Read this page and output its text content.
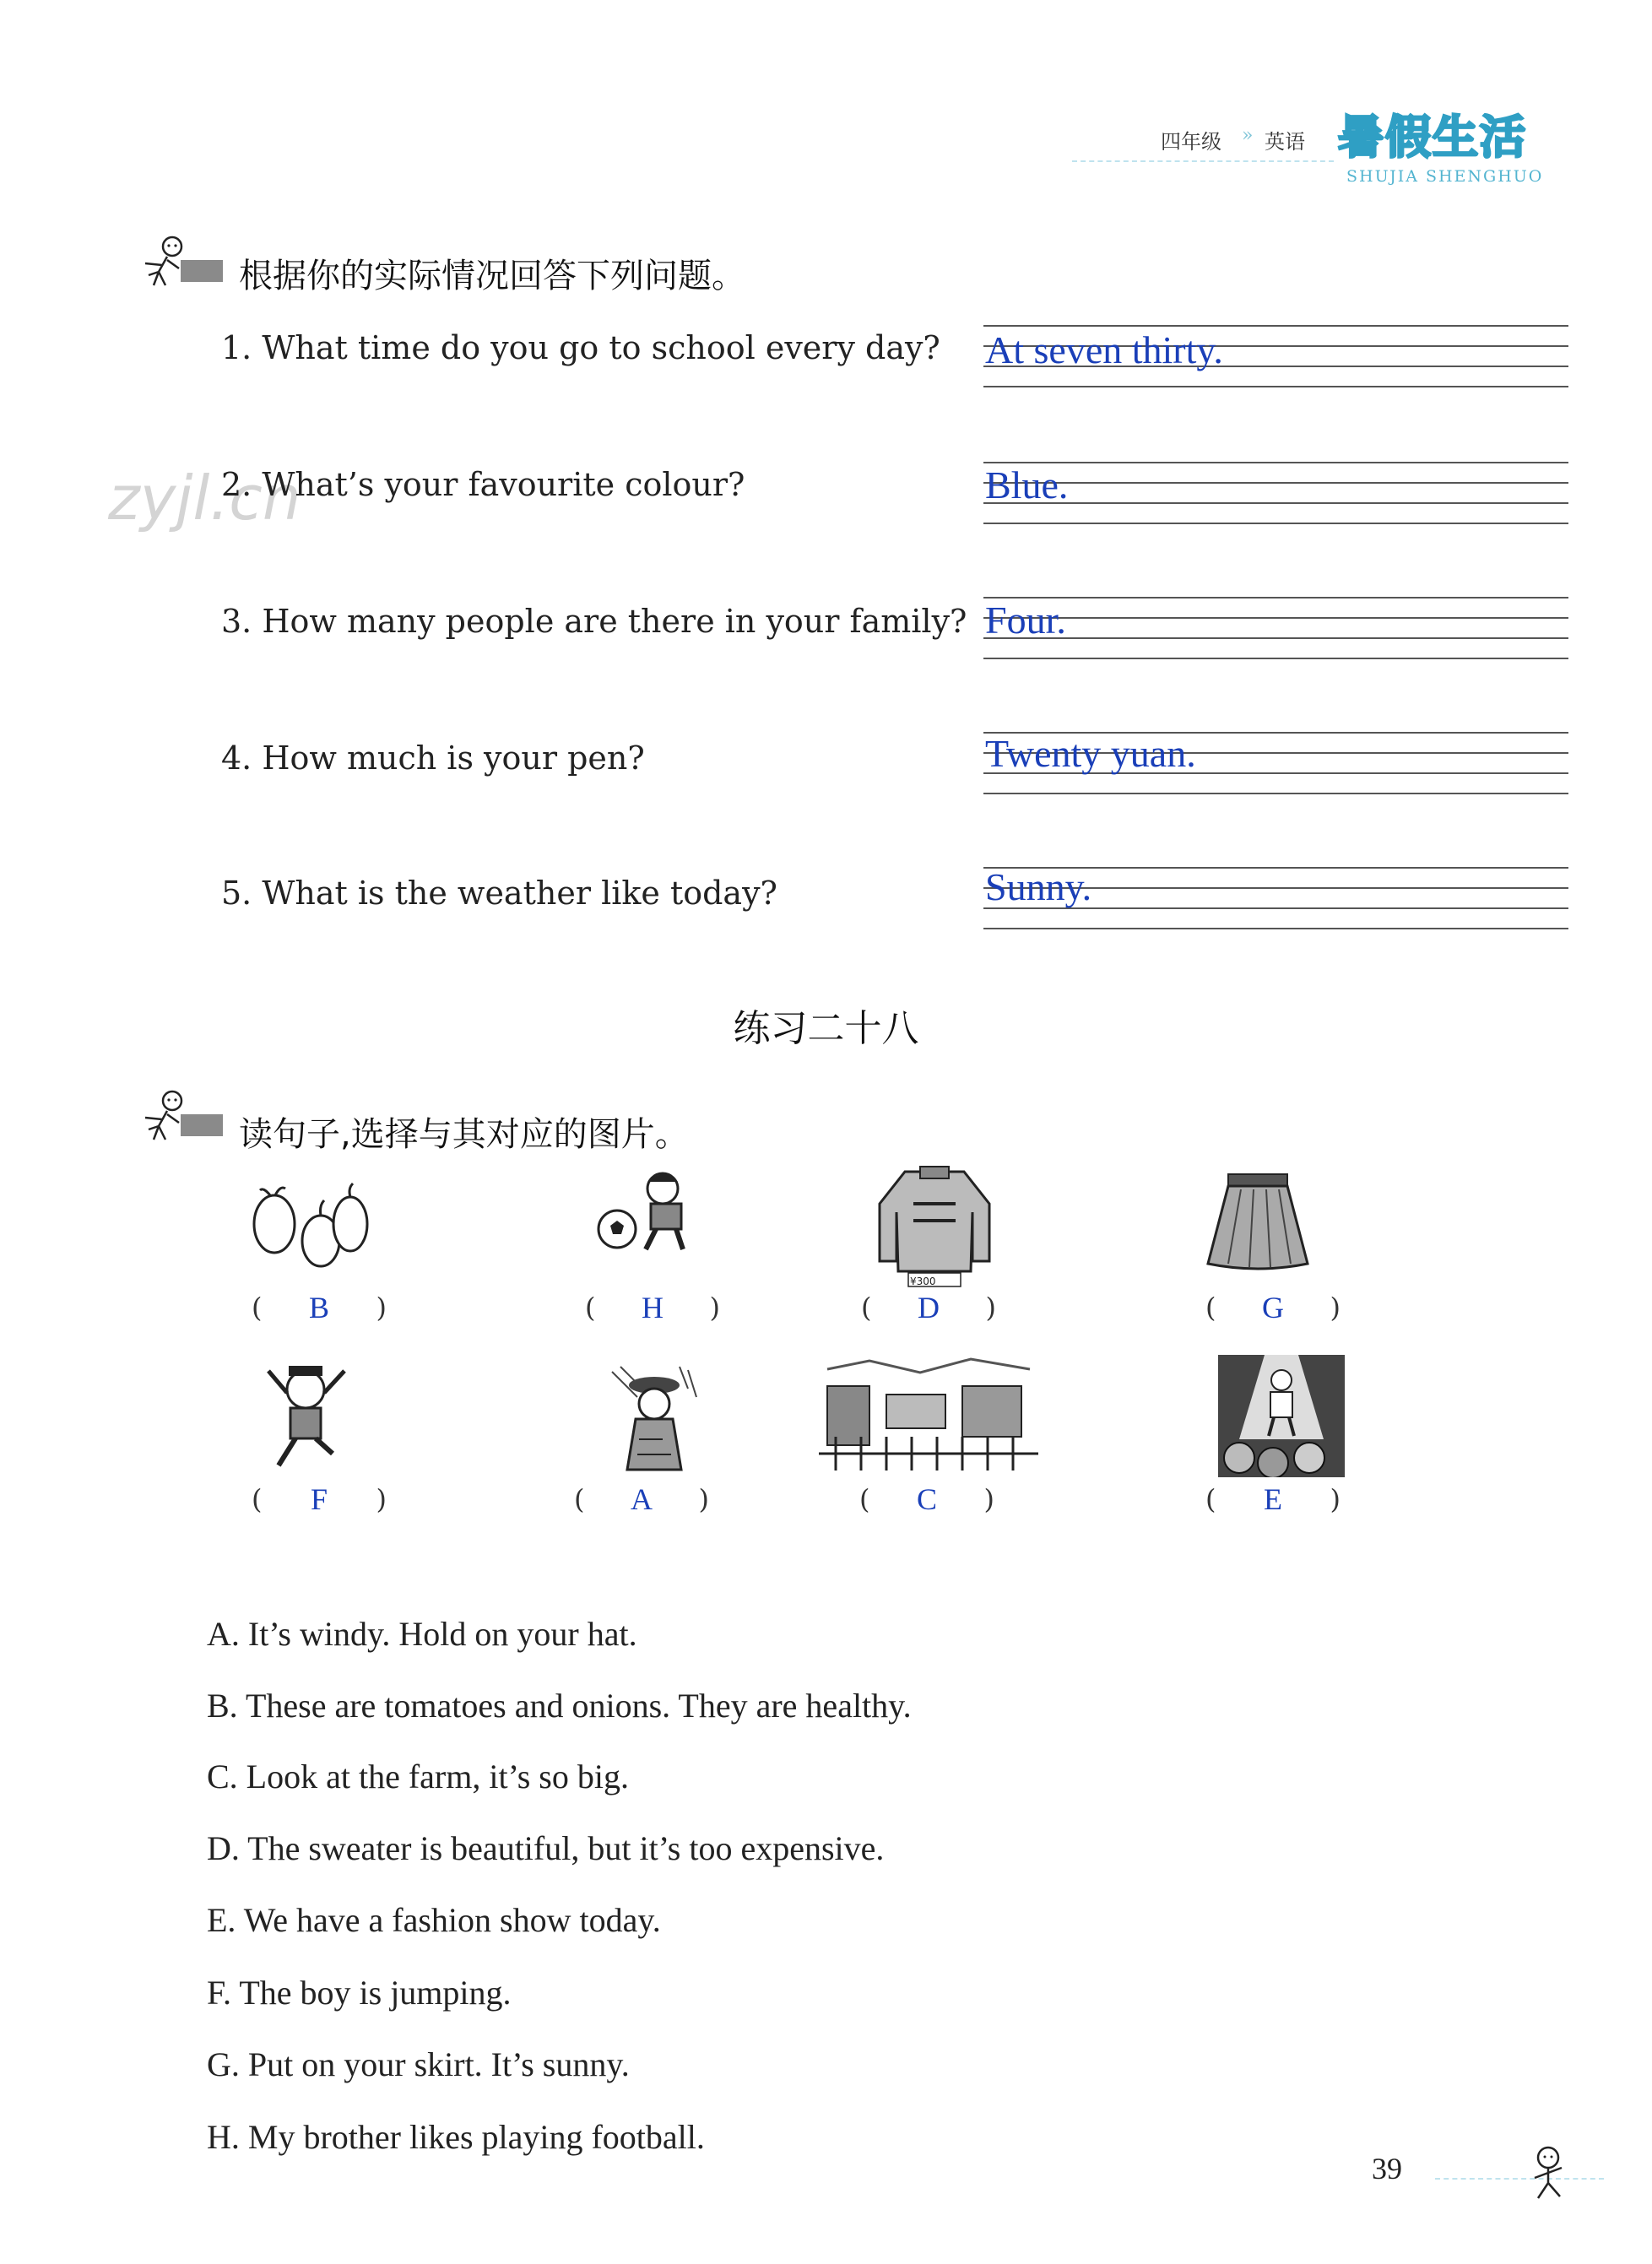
四年级 » 英语 暑假生活
SHUJIA SHENGHUO
zyjl.cn
根据你的实际情况回答下列问题。
1. What time do you go to school every day? At seven thirty.
2. What’s your favourite colour?	Blue.
3. How many people are there in your family? Four.
4. How much is your pen?	Twenty yuan.
5. What is the weather like today?	Sunny.
练习二十八
读句子,选择与其对应的图片。
¥300
( B )	( H )	( D )	( G )
( F )	( A )	( C )	( E )
A. It’s windy. Hold on your hat.
B. These are tomatoes and onions. They are healthy.
C. Look at the farm, it’s so big.
D. The sweater is beautiful, but it’s too expensive.
E. We have a fashion show today.
F. The boy is jumping.
G. Put on your skirt. It’s sunny.
H. My brother likes playing football.
39
